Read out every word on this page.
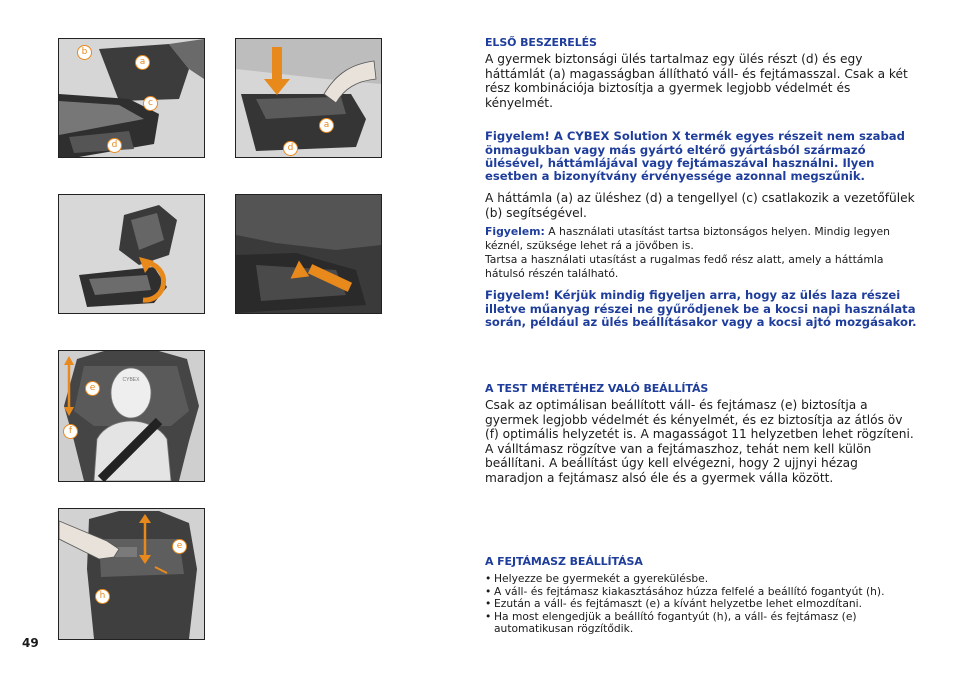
b
a
c
d
a
d
CYBEX
e
f
e
h
ELSŐ BESZERELÉS

A gyermek biztonsági ülés tartalmaz egy ülés részt (d) és egy háttámlát (a) magasságban állítható váll- és fejtámasszal. Csak a két rész kombinációja biztosítja a gyermek legjobb védelmét és kényelmét.

Figyelem! A CYBEX Solution X termék egyes részeit nem szabad önmagukban vagy más gyártó eltérő gyártásból származó ülésével, háttámlájával vagy fejtámaszával használni. Ilyen esetben a bizonyítvány érvényessége azonnal megszűnik.

A háttámla (a) az üléshez (d) a tengellyel (c) csatlakozik a vezetőfülek (b) segítségével.

Figyelem: A használati utasítást tartsa biztonságos helyen. Mindig legyen kéznél, szüksége lehet rá a jövőben is.

Tartsa a használati utasítást a rugalmas fedő rész alatt, amely a háttámla hátulsó részén található.

Figyelem! Kérjük mindig figyeljen arra, hogy az ülés laza részei illetve műanyag részei ne gyűrődjenek be a kocsi napi használata során, például az ülés beállításakor vagy a kocsi ajtó mozgásakor.

A TEST MÉRETÉHEZ VALÓ BEÁLLÍTÁS

Csak az optimálisan beállított váll- és fejtámasz (e) biztosítja a gyermek legjobb védelmét és kényelmét, és ez biztosítja az átlós öv (f) optimális helyzetét is. A magasságot 11 helyzetben lehet rögzíteni. A válltámasz rögzítve van a fejtámaszhoz, tehát nem kell külön beállítani. A beállítást úgy kell elvégezni, hogy 2 ujjnyi hézag maradjon a fejtámasz alsó éle és a gyermek válla között.

A FEJTÁMASZ BEÁLLÍTÁSA
• Helyezze be gyermekét a gyerekülésbe.
• A váll- és fejtámasz kiakasztásához húzza felfelé a beállító fogantyút (h).
• Ezután a váll- és fejtámaszt (e) a kívánt helyzetbe lehet elmozdítani.
• Ha most elengedjük a beállító fogantyút (h), a váll- és fejtámasz (e) automatikusan rögzítődik.
49
